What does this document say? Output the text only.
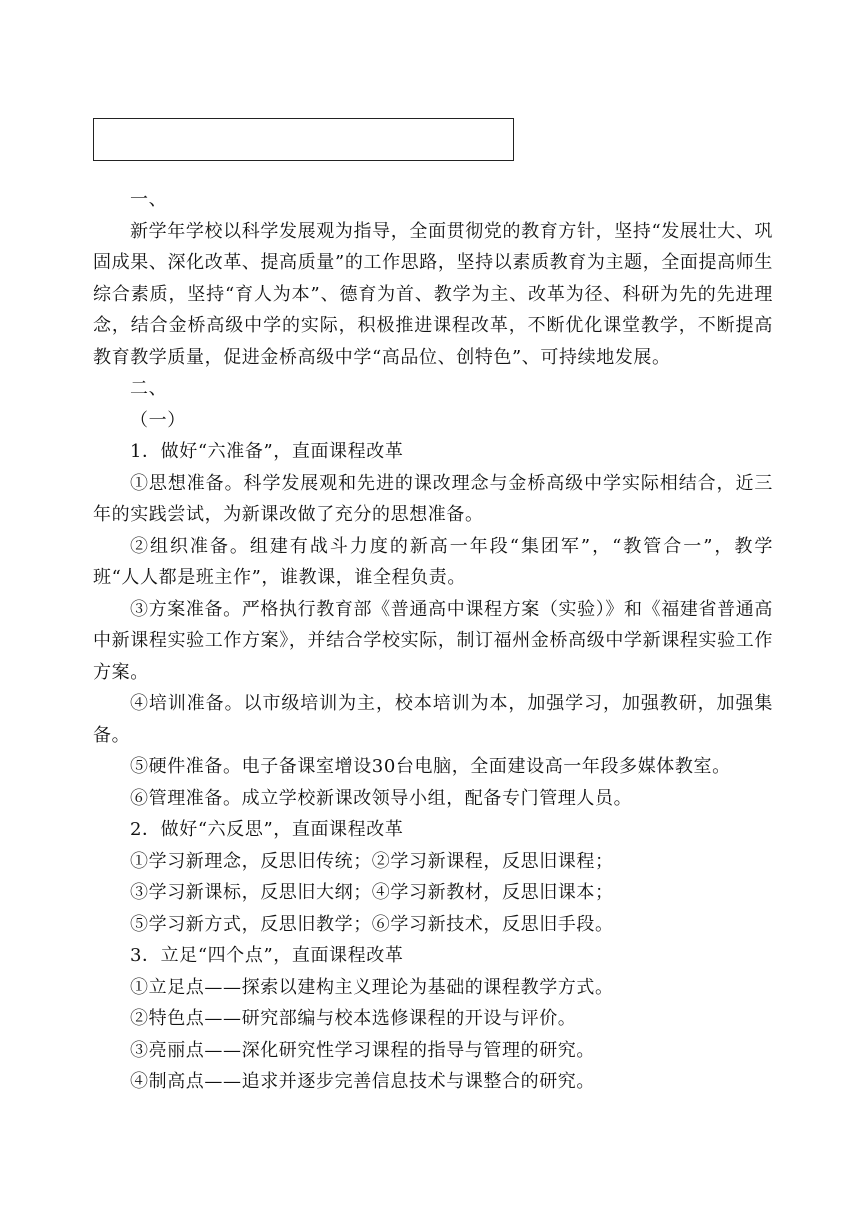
一、

新学年学校以科学发展观为指导，全面贯彻党的教育方针，坚持“发展壮大、巩固成果、深化改革、提高质量”的工作思路，坚持以素质教育为主题，全面提高师生综合素质，坚持“育人为本”、德育为首、教学为主、改革为径、科研为先的先进理念，结合金桥高级中学的实际，积极推进课程改革，不断优化课堂教学，不断提高教育教学质量，促进金桥高级中学“高品位、创特色”、可持续地发展。

二、

（一）

1．做好“六准备”，直面课程改革

①思想准备。科学发展观和先进的课改理念与金桥高级中学实际相结合，近三年的实践尝试，为新课改做了充分的思想准备。

②组织准备。组建有战斗力度的新高一年段“集团军”，“教管合一”，教学班“人人都是班主作”，谁教课，谁全程负责。

③方案准备。严格执行教育部《普通高中课程方案（实验）》和《福建省普通高中新课程实验工作方案》，并结合学校实际，制订福州金桥高级中学新课程实验工作方案。

④培训准备。以市级培训为主，校本培训为本，加强学习，加强教研，加强集备。

⑤硬件准备。电子备课室增设30台电脑，全面建设高一年段多媒体教室。

⑥管理准备。成立学校新课改领导小组，配备专门管理人员。

2．做好“六反思”，直面课程改革

①学习新理念，反思旧传统；②学习新课程，反思旧课程；

③学习新课标，反思旧大纲；④学习新教材，反思旧课本；

⑤学习新方式，反思旧教学；⑥学习新技术，反思旧手段。

3．立足“四个点”，直面课程改革

①立足点——探索以建构主义理论为基础的课程教学方式。

②特色点——研究部编与校本选修课程的开设与评价。

③亮丽点——深化研究性学习课程的指导与管理的研究。

④制高点——追求并逐步完善信息技术与课整合的研究。
